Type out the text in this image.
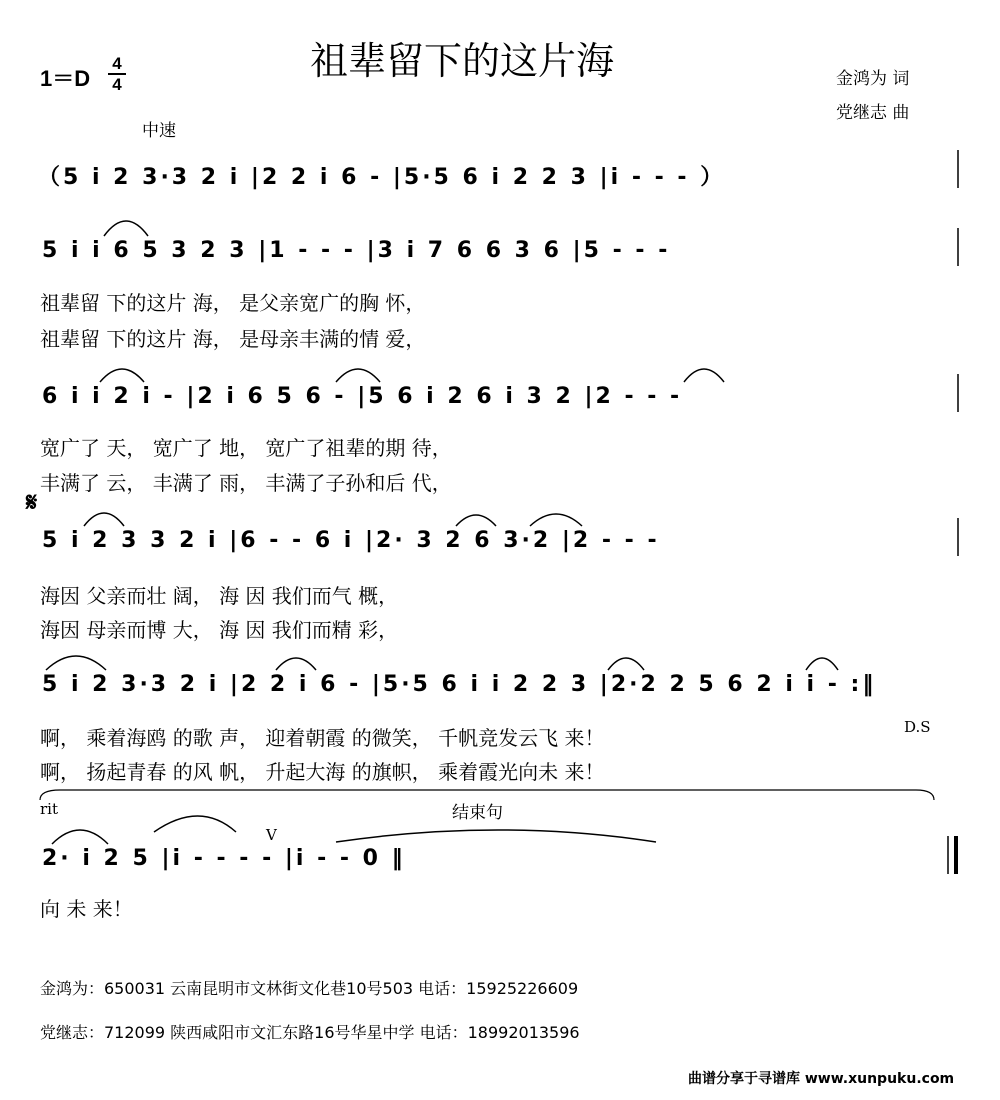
1＝D
4
4
祖辈留下的这片海	金鸿为 词
党继志 曲
中速
（5 i 2 3·3 2 i |2 2 i 6 - |5·5 6 i 2 2 3 |i - - - ）
5 i i 6 5 3 2 3 |1 - - - |3 i 7 6 6 3 6 |5 - - -
祖辈留 下的这片 海， 是父亲宽广的胸 怀，
祖辈留 下的这片 海， 是母亲丰满的情 爱，
6 i i 2 i - |2 i 6 5 6 - |5 6 i 2 6 i 3 2 |2 - - -
宽广了 天， 宽广了 地， 宽广了祖辈的期 待，
丰满了 云， 丰满了 雨， 丰满了子孙和后 代，
𝄋
5 i 2 3 3 2 i |6 - - 6 i |2· 3 2 6 3·2 |2 - - -
海因 父亲而壮 阔， 海 因 我们而气 概，
海因 母亲而博 大， 海 因 我们而精 彩，
5 i 2 3·3 2 i |2 2 i 6 - |5·5 6 i i 2 2 3 |2·2 2 5 6 2 i i - :‖
啊， 乘着海鸥 的歌 声， 迎着朝霞 的微笑， 千帆竞发云飞 来！
啊， 扬起青春 的风 帆， 升起大海 的旗帜， 乘着霞光向未 来！
D.S
rit	结束句
V
2· i 2 5 |i - - - - |i - - 0 ‖
向 未 来！
金鸿为：650031 云南昆明市文林街文化巷10号503 电话：15925226609
党继志：712099 陕西咸阳市文汇东路16号华星中学 电话：18992013596
曲谱分享于寻谱库 www.xunpuku.com
